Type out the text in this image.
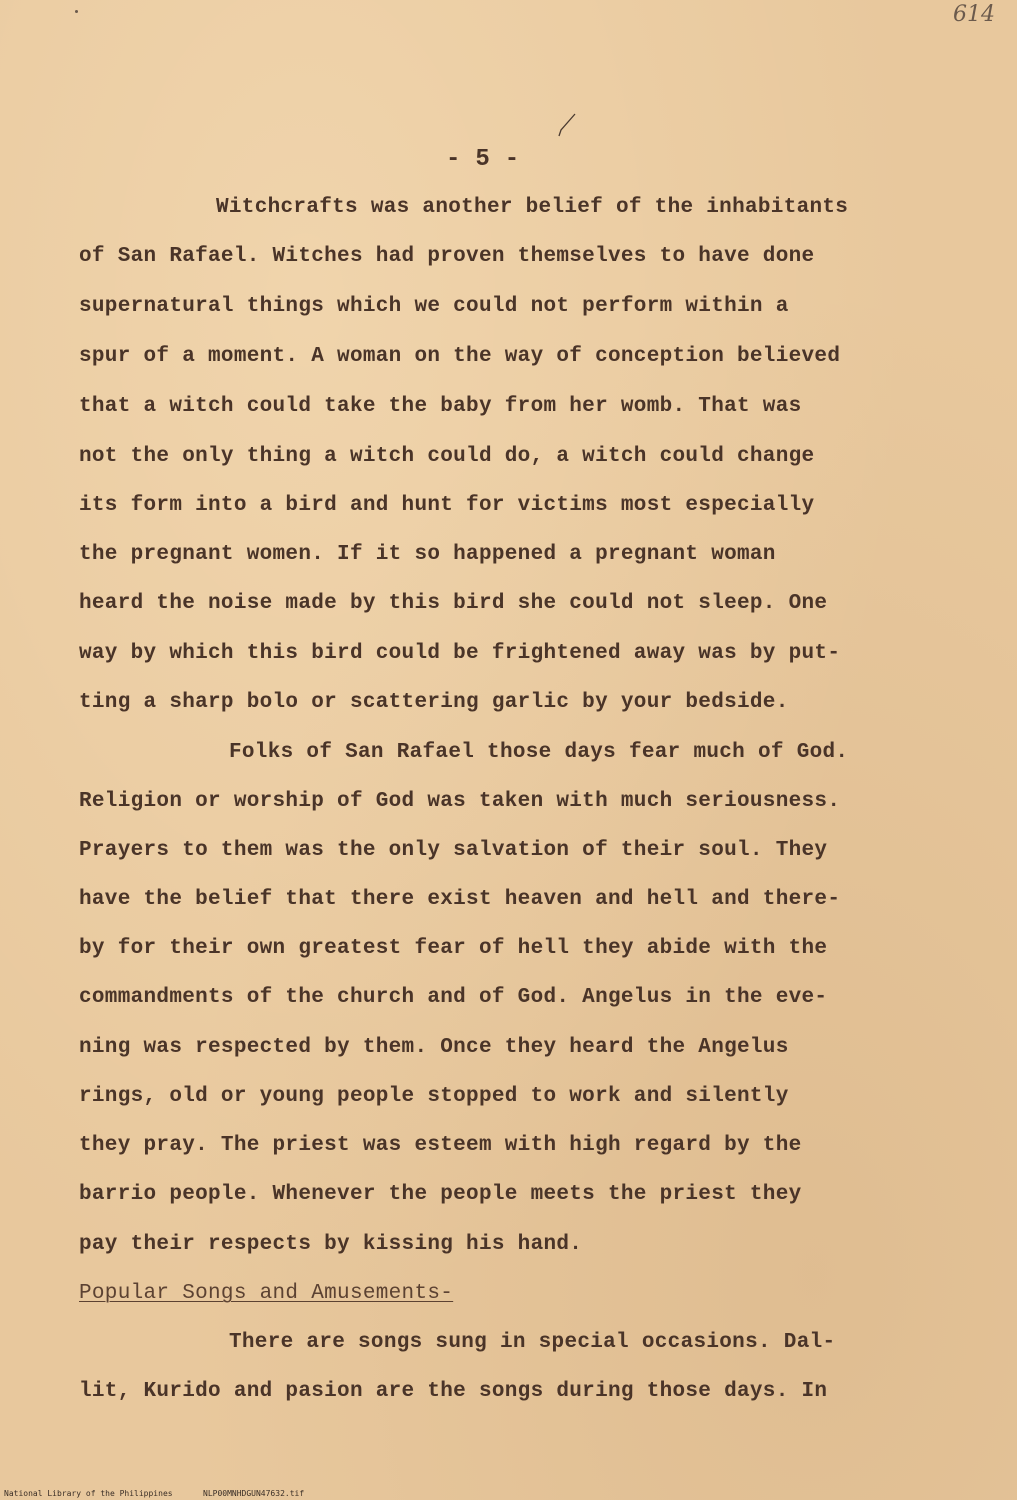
614
- 5 -
Witchcrafts was another belief of the inhabitants
of San Rafael. Witches had proven themselves to have done
supernatural things which we could not perform within a
spur of a moment. A woman on the way of conception believed
that a witch could take the baby from her womb. That was
not the only thing a witch could do, a witch could change
its form into a bird and hunt for victims most especially
the pregnant women. If it so happened a pregnant woman
heard the noise made by this bird she could not sleep. One
way by which this bird could be frightened away was by put-
ting a sharp bolo or scattering garlic by your bedside.
Folks of San Rafael those days fear much of God.
Religion or worship of God was taken with much seriousness.
Prayers to them was the only salvation of their soul. They
have the belief that there exist heaven and hell and there-
by for their own greatest fear of hell they abide with the
commandments of the church and of God. Angelus in the eve-
ning was respected by them. Once they heard the Angelus
rings, old or young people stopped to work and silently
they pray. The priest was esteem with high regard by the
barrio people. Whenever the people meets the priest they
pay their respects by kissing his hand.
Popular Songs and Amusements-
There are songs sung in special occasions. Dal-
lit, Kurido and pasion are the songs during those days. In
National Library of the Philippines	NLP00MNHDGUN47632.tif
